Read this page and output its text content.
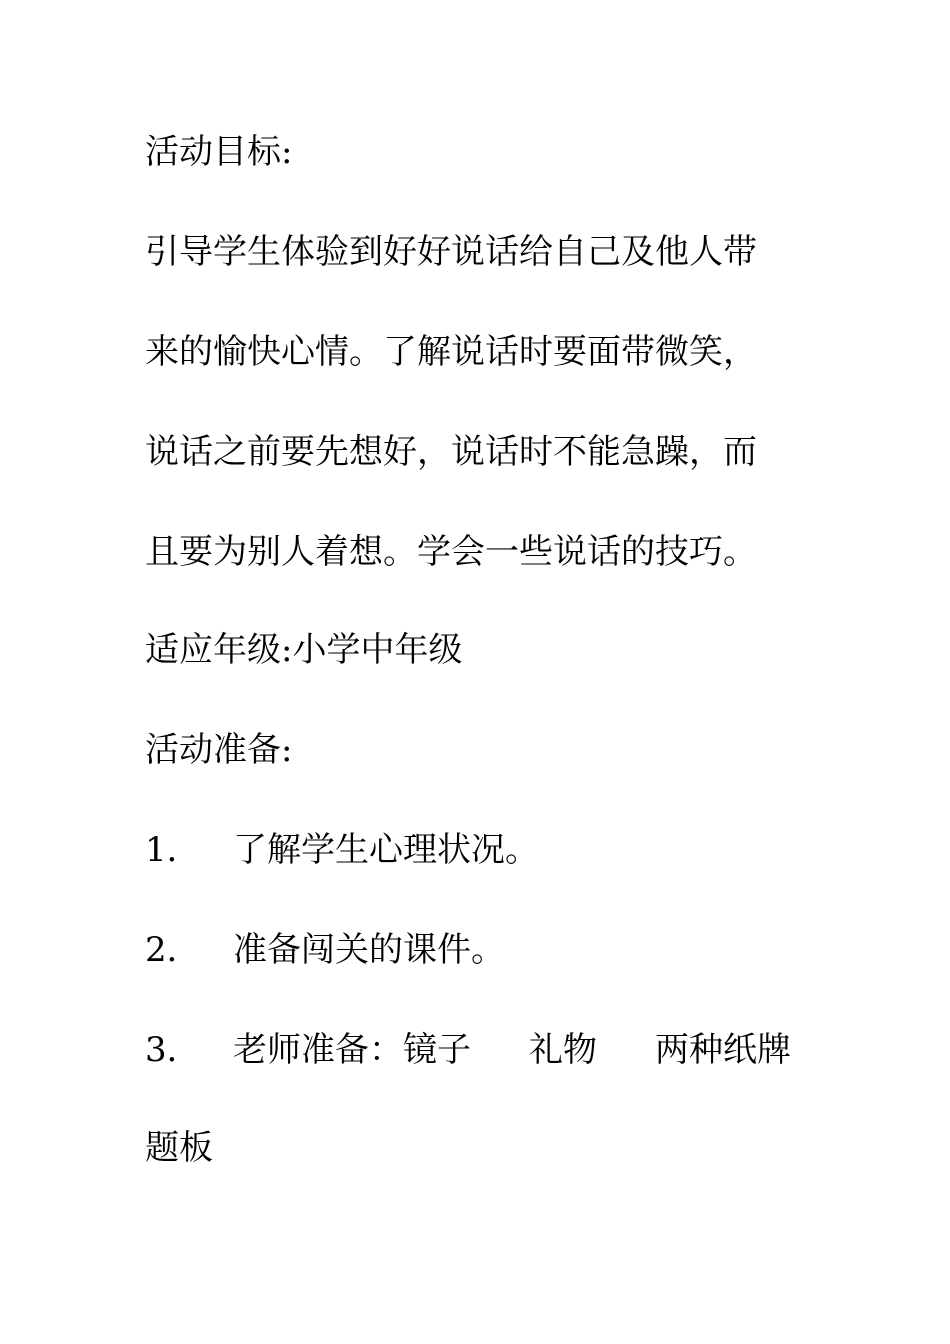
活动目标:
引导学生体验到好好说话给自己及他人带
来的愉快心情。了解说话时要面带微笑，
说话之前要先想好，说话时不能急躁，而
且要为别人着想。学会一些说话的技巧。
适应年级:小学中年级
活动准备:
1． 了解学生心理状况。
2． 准备闯关的课件。
3． 老师准备：镜子 礼物 两种纸牌
题板
